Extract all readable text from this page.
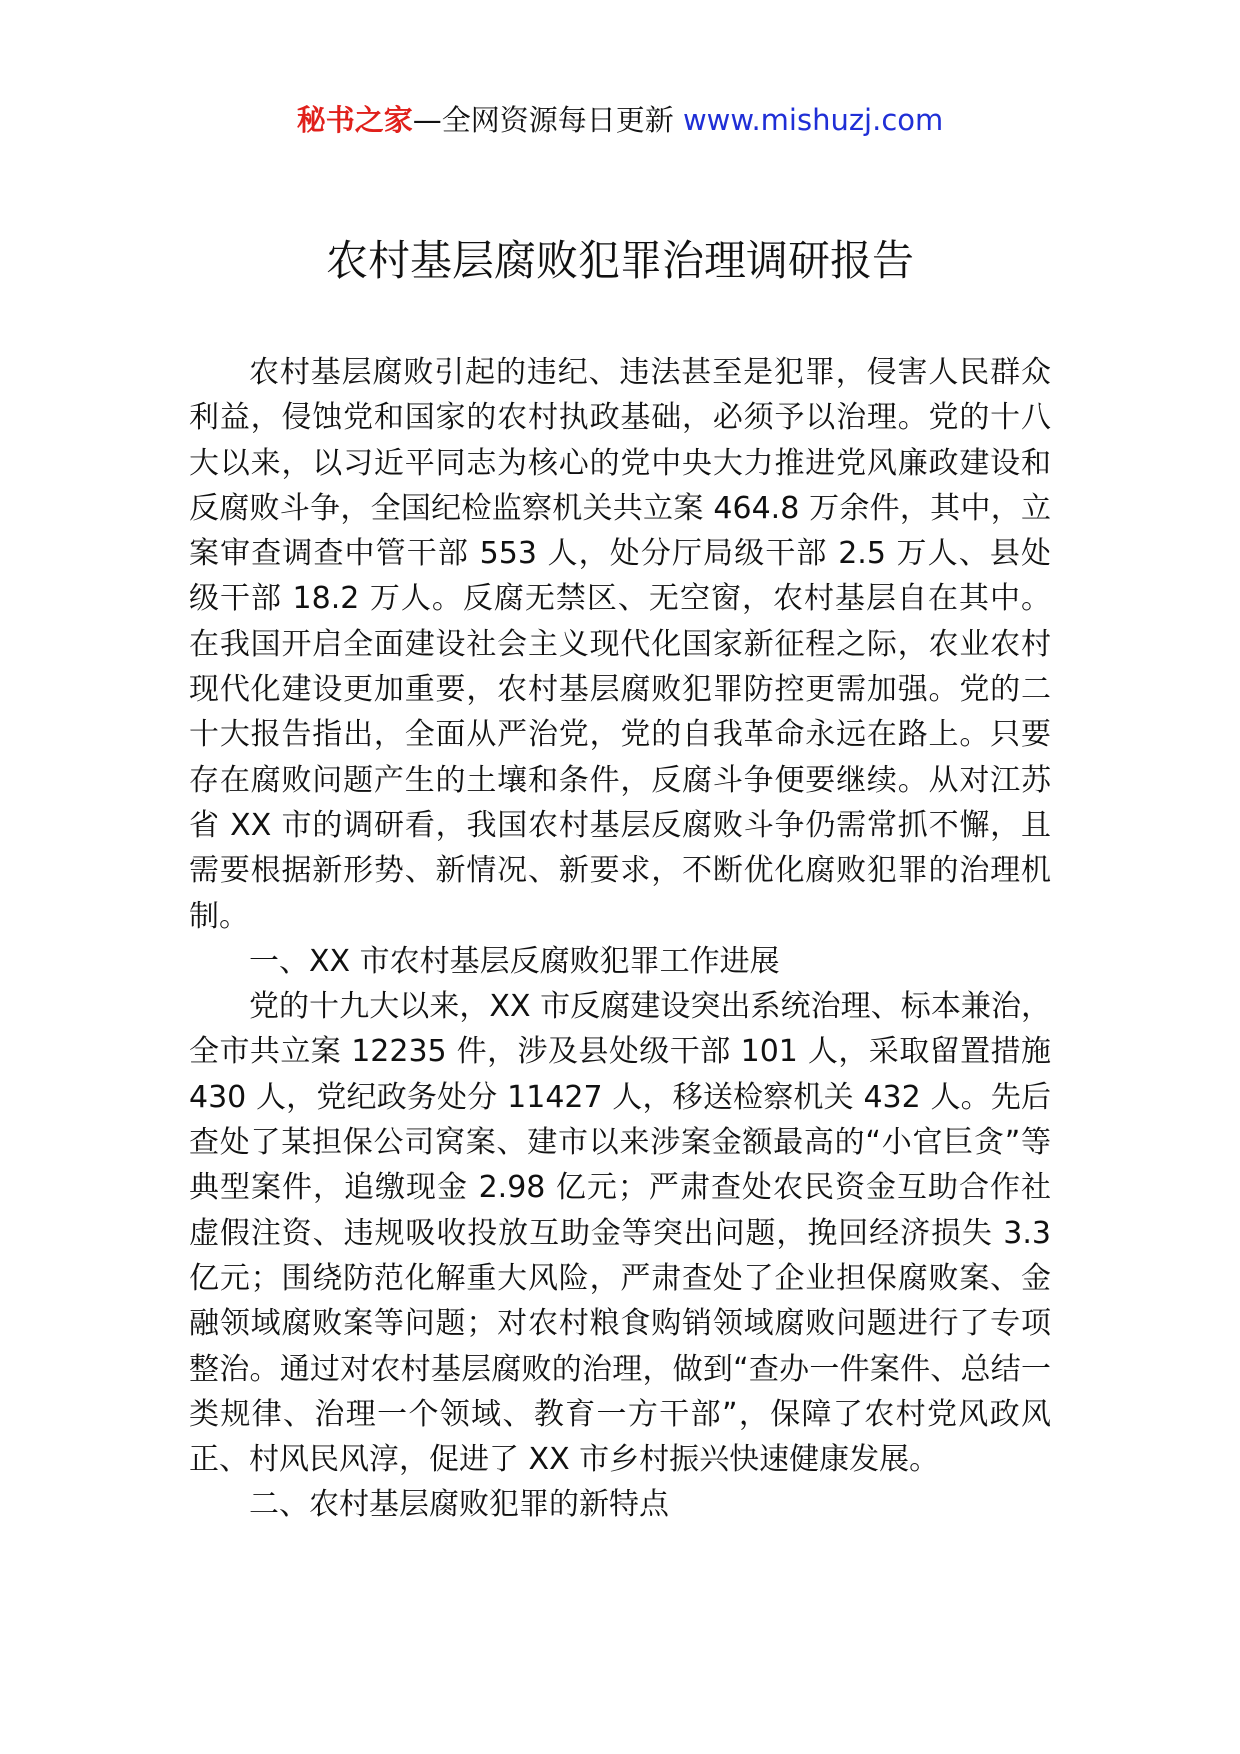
秘书之家—全网资源每日更新 www.mishuzj.com
农村基层腐败犯罪治理调研报告

农村基层腐败引起的违纪、违法甚至是犯罪，侵害人民群众利益，侵蚀党和国家的农村执政基础，必须予以治理。党的十八大以来，以习近平同志为核心的党中央大力推进党风廉政建设和反腐败斗争，全国纪检监察机关共立案 464.8 万余件，其中，立案审查调查中管干部 553 人，处分厅局级干部 2.5 万人、县处级干部 18.2 万人。反腐无禁区、无空窗，农村基层自在其中。在我国开启全面建设社会主义现代化国家新征程之际，农业农村现代化建设更加重要，农村基层腐败犯罪防控更需加强。党的二十大报告指出，全面从严治党，党的自我革命永远在路上。只要存在腐败问题产生的土壤和条件，反腐斗争便要继续。从对江苏省 XX 市的调研看，我国农村基层反腐败斗争仍需常抓不懈，且需要根据新形势、新情况、新要求，不断优化腐败犯罪的治理机制。

一、XX 市农村基层反腐败犯罪工作进展

党的十九大以来，XX 市反腐建设突出系统治理、标本兼治，全市共立案 12235 件，涉及县处级干部 101 人，采取留置措施 430 人，党纪政务处分 11427 人，移送检察机关 432 人。先后查处了某担保公司窝案、建市以来涉案金额最高的“小官巨贪”等典型案件，追缴现金 2.98 亿元；严肃查处农民资金互助合作社虚假注资、违规吸收投放互助金等突出问题，挽回经济损失 3.3 亿元；围绕防范化解重大风险，严肃查处了企业担保腐败案、金融领域腐败案等问题；对农村粮食购销领域腐败问题进行了专项整治。通过对农村基层腐败的治理，做到“查办一件案件、总结一类规律、治理一个领域、教育一方干部”，保障了农村党风政风正、村风民风淳，促进了 XX 市乡村振兴快速健康发展。

二、农村基层腐败犯罪的新特点
